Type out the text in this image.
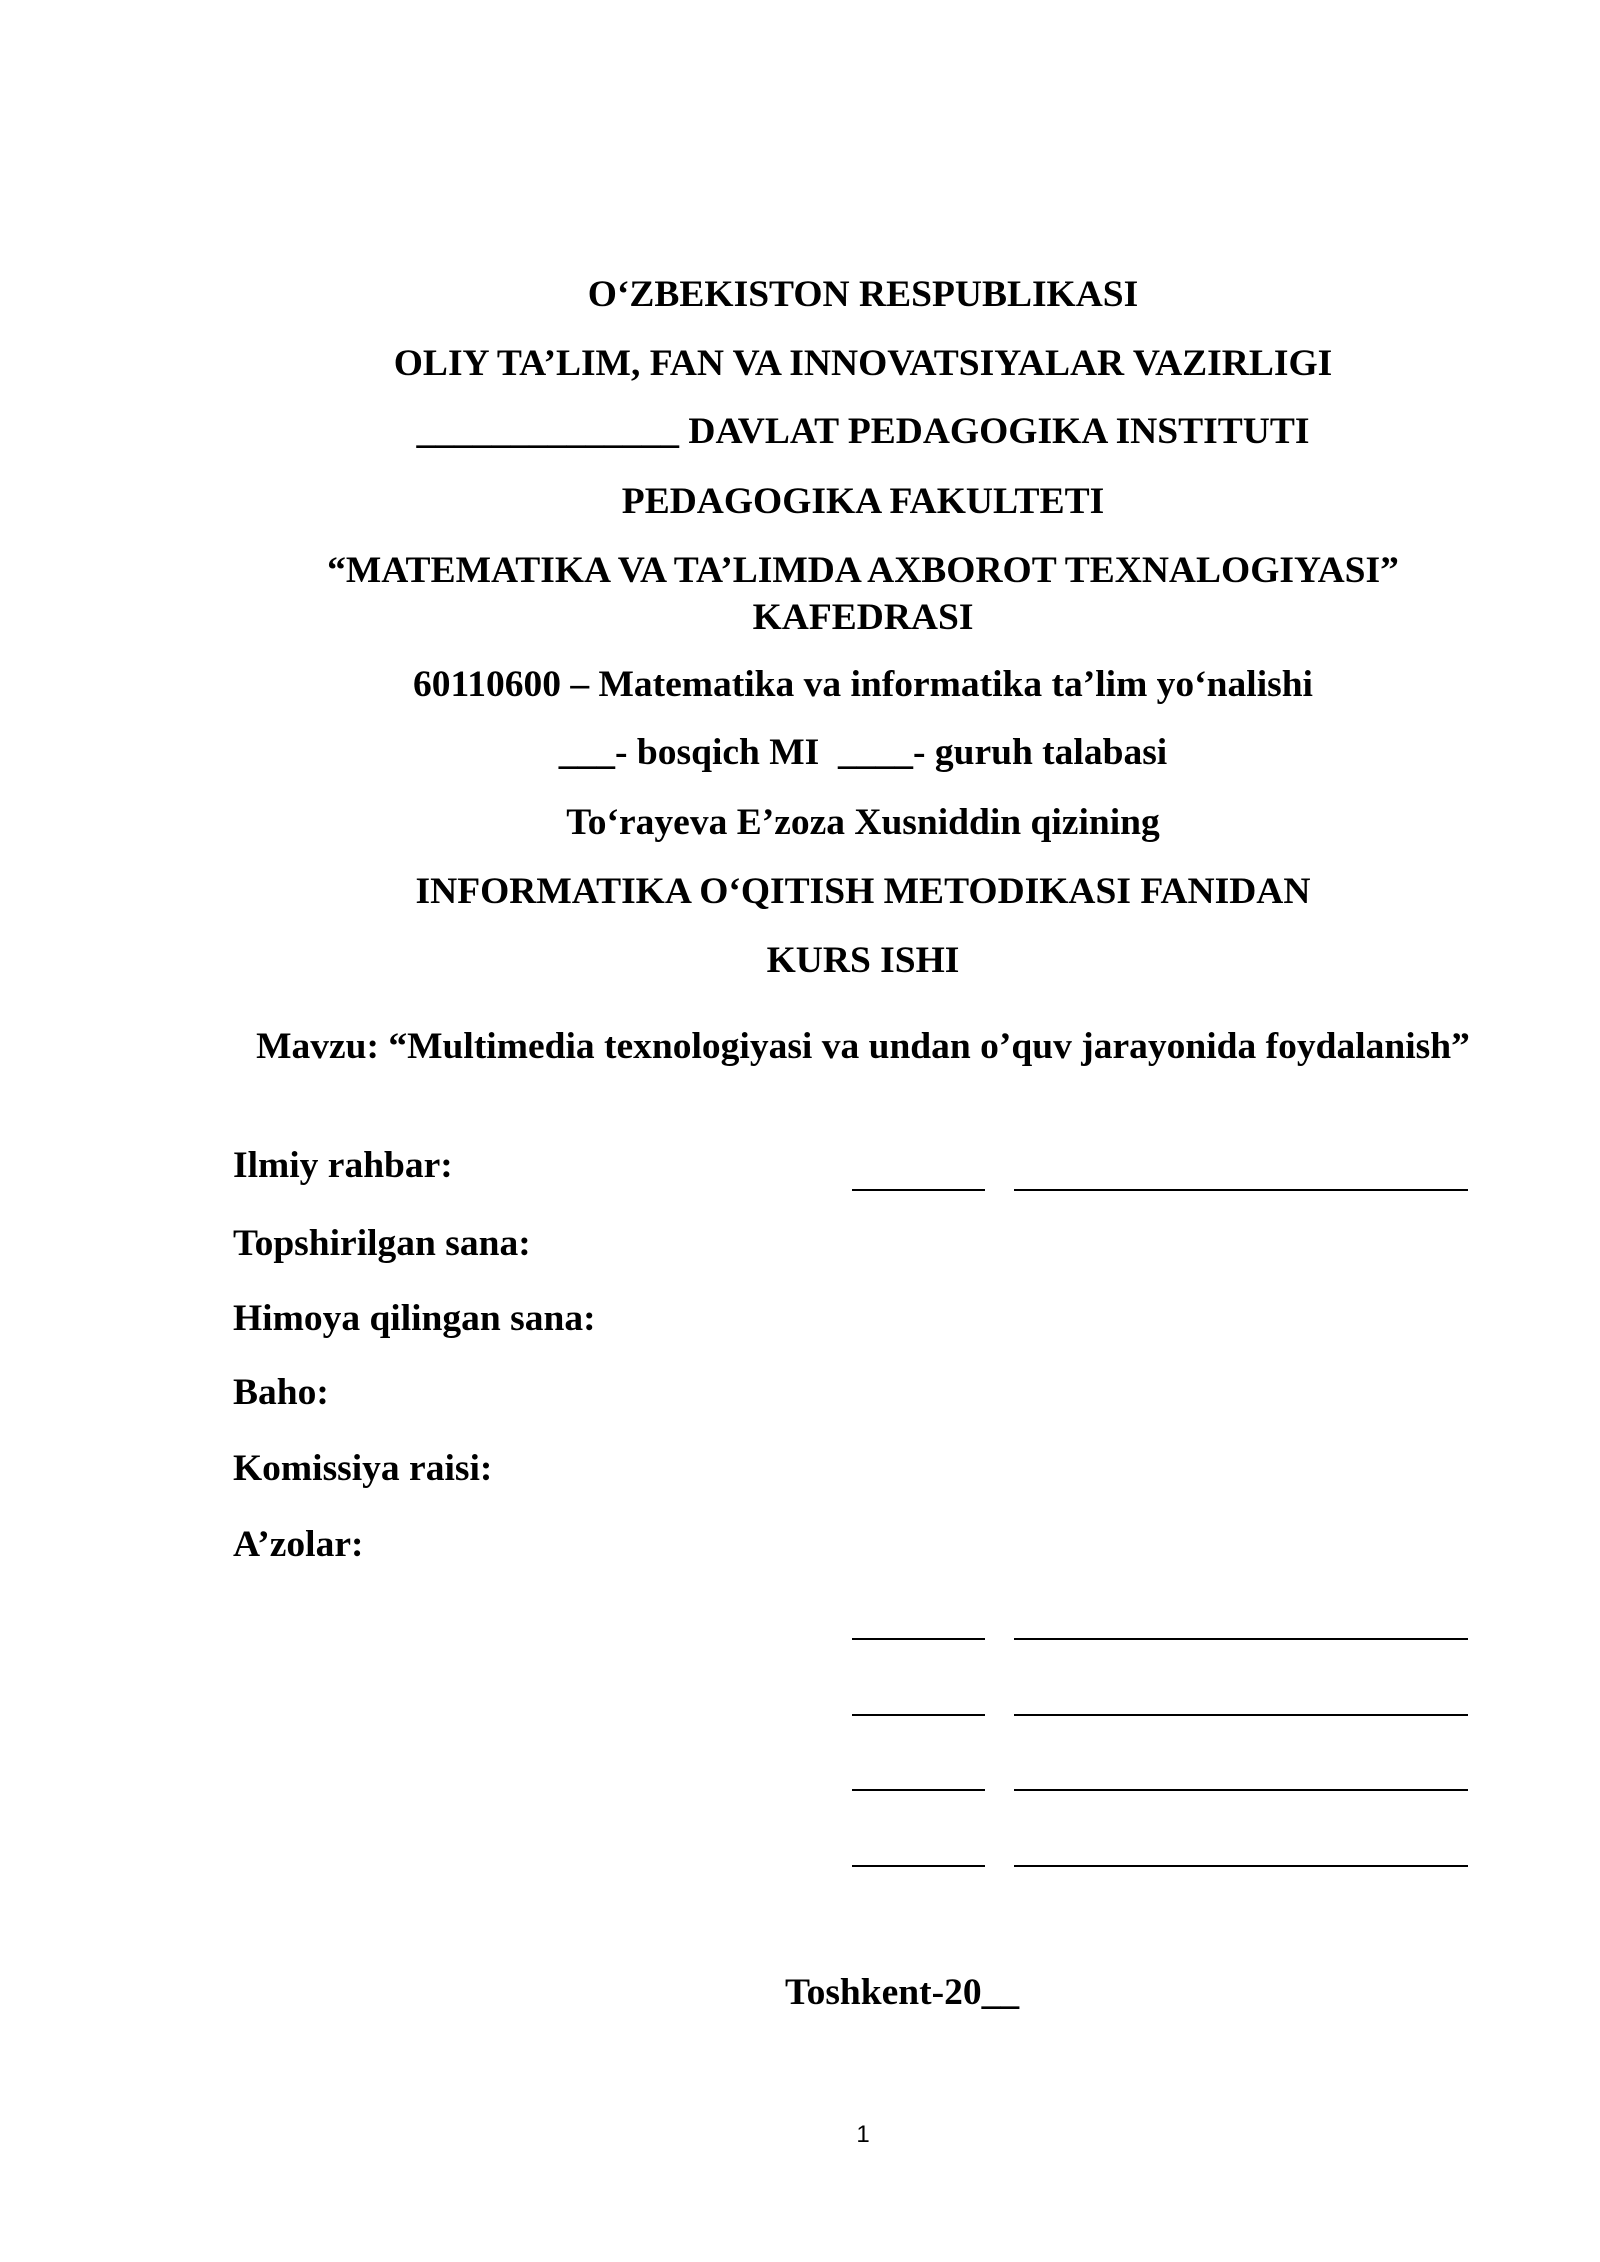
O‘ZBEKISTON RESPUBLIKASI
OLIY TA’LIM, FAN VA INNOVATSIYALAR VAZIRLIGI
______________ DAVLAT PEDAGOGIKA INSTITUTI
PEDAGOGIKA FAKULTETI
“MATEMATIKA VA TA’LIMDA AXBOROT TEXNALOGIYASI” KAFEDRASI
60110600 – Matematika va informatika ta’lim yo‘nalishi
___- bosqich MI  ____- guruh talabasi
To‘rayeva E’zoza Xusniddin qizining
INFORMATIKA O‘QITISH METODIKASI FANIDAN
KURS ISHI
Mavzu: “Multimedia texnologiyasi va undan o’quv jarayonida foydalanish”
Ilmiy rahbar:
Topshirilgan sana:
Himoya qilingan sana:
Baho:
Komissiya raisi:
A’zolar:
Toshkent-20__
1
